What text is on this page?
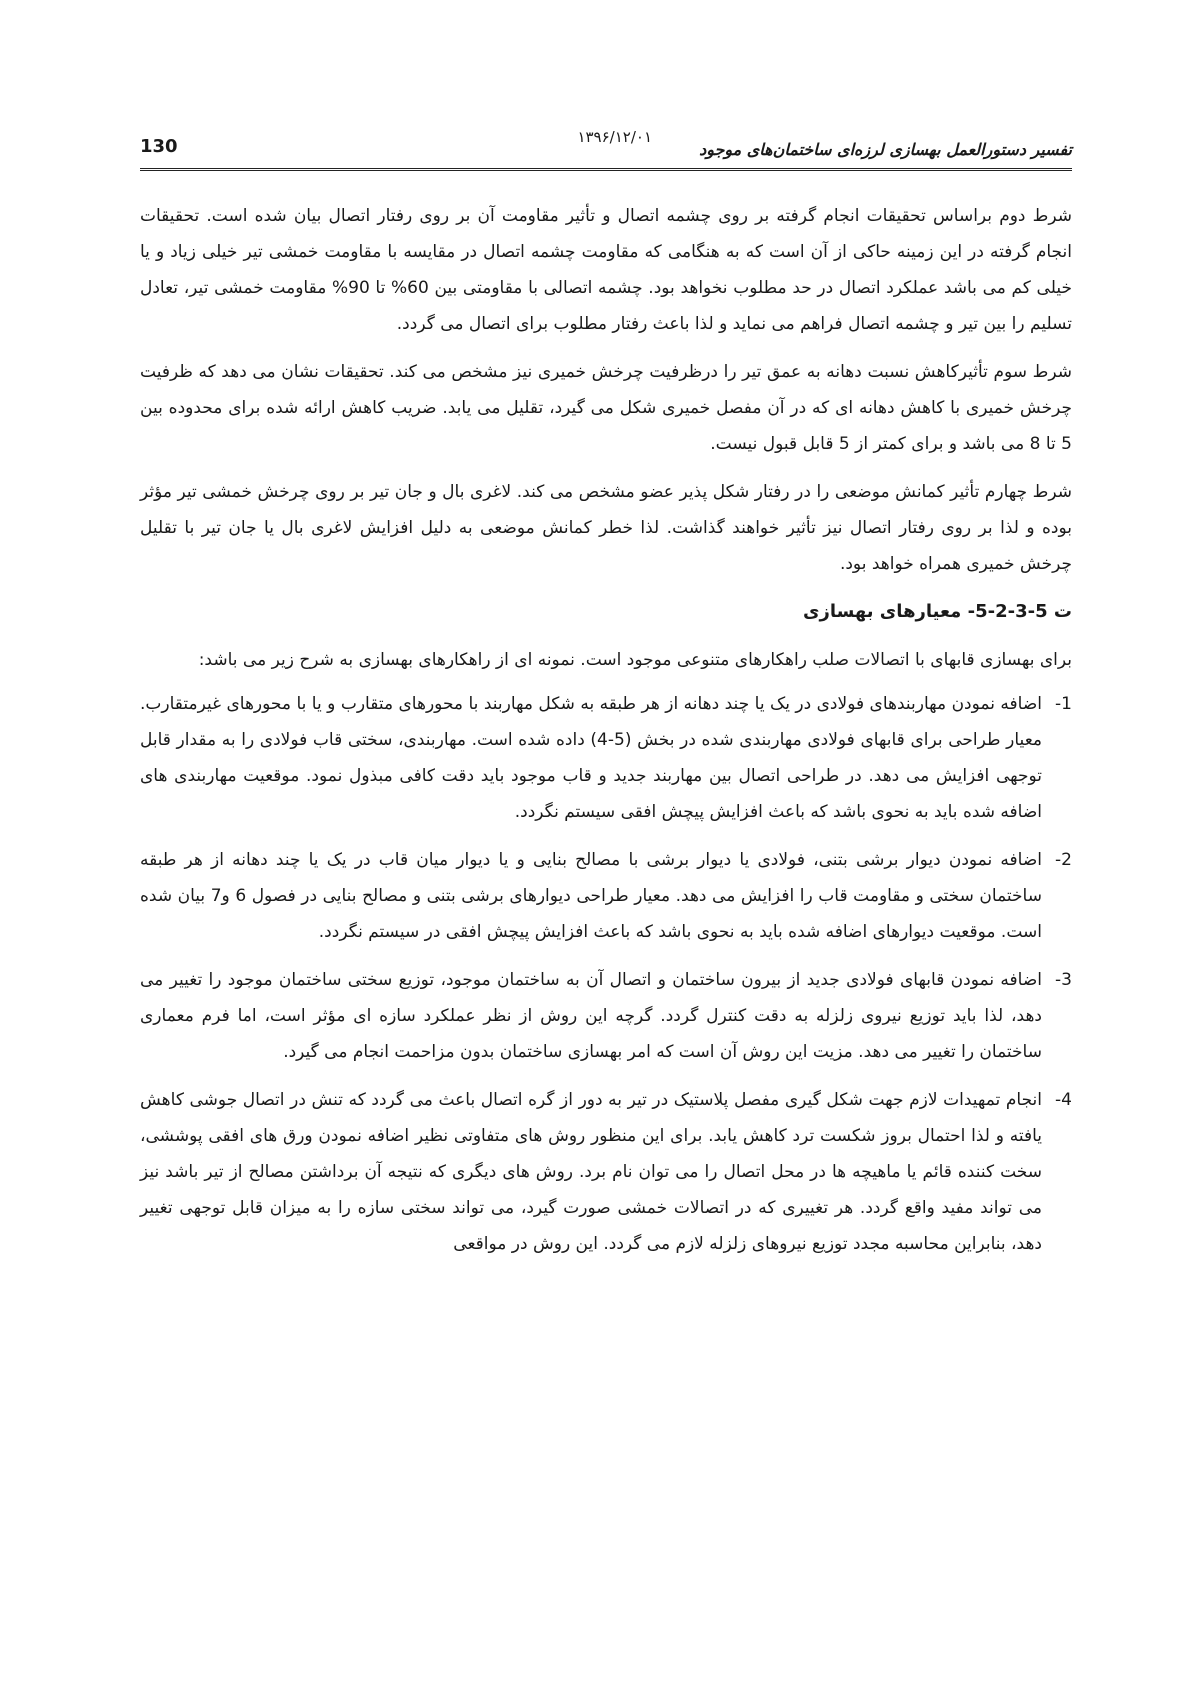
130	۱۳۹۶/۱۲/۰۱
تفسیر دستورالعمل بهسازی لرزه‌ای ساختمان‌های موجود

شرط دوم براساس تحقیقات انجام گرفته بر روی چشمه اتصال و تأثیر مقاومت آن بر روی رفتار اتصال بیان شده است. تحقیقات انجام گرفته در این زمینه حاکی از آن است که به هنگامی که مقاومت چشمه اتصال در مقایسه با مقاومت خمشی تیر خیلی زیاد و یا خیلی کم می باشد عملکرد اتصال در حد مطلوب نخواهد بود. چشمه اتصالی با مقاومتی بین 60% تا 90% مقاومت خمشی تیر، تعادل تسلیم را بین تیر و چشمه اتصال فراهم می نماید و لذا باعث رفتار مطلوب برای اتصال می گردد.

شرط سوم تأثیرکاهش نسبت دهانه به عمق تیر را درظرفیت چرخش خمیری نیز مشخص می کند. تحقیقات نشان می دهد که ظرفیت چرخش خمیری با کاهش دهانه ای که در آن مفصل خمیری شکل می گیرد، تقلیل می یابد. ضریب کاهش ارائه شده برای محدوده بین 5 تا 8 می باشد و برای کمتر از 5 قابل قبول نیست.

شرط چهارم تأثیر کمانش موضعی را در رفتار شکل پذیر عضو مشخص می کند. لاغری بال و جان تیر بر روی چرخش خمشی تیر مؤثر بوده و لذا بر روی رفتار اتصال نیز تأثیر خواهند گذاشت. لذا خطر کمانش موضعی به دلیل افزایش لاغری بال یا جان تیر با تقلیل چرخش خمیری همراه خواهد بود.

ت 5-3-2-5- معیارهای بهسازی

برای بهسازی قابهای با اتصالات صلب راهکارهای متنوعی موجود است. نمونه ای از راهکارهای بهسازی به شرح زیر می باشد:

1-
اضافه نمودن مهاربندهای فولادی در یک یا چند دهانه از هر طبقه به شکل مهاربند با محورهای متقارب و یا با محورهای غیرمتقارب. معیار طراحی برای قابهای فولادی مهاربندی شده در بخش (5-4) داده شده است. مهاربندی، سختی قاب فولادی را به مقدار قابل توجهی افزایش می دهد. در طراحی اتصال بین مهاربند جدید و قاب موجود باید دقت کافی مبذول نمود. موقعیت مهاربندی های اضافه شده باید به نحوی باشد که باعث افزایش پیچش افقی سیستم نگردد.
2-
اضافه نمودن دیوار برشی بتنی، فولادی یا دیوار برشی با مصالح بنایی و یا دیوار میان قاب در یک یا چند دهانه از هر طبقه ساختمان سختی و مقاومت قاب را افزایش می دهد. معیار طراحی دیوارهای برشی بتنی و مصالح بنایی در فصول 6 و7 بیان شده است. موقعیت دیوارهای اضافه شده باید به نحوی باشد که باعث افزایش پیچش افقی در سیستم نگردد.
3-
اضافه نمودن قابهای فولادی جدید از بیرون ساختمان و اتصال آن به ساختمان موجود، توزیع سختی ساختمان موجود را تغییر می دهد، لذا باید توزیع نیروی زلزله به دقت کنترل گردد. گرچه این روش از نظر عملکرد سازه ای مؤثر است، اما فرم معماری ساختمان را تغییر می دهد. مزیت این روش آن است که امر بهسازی ساختمان بدون مزاحمت انجام می گیرد.
4-
انجام تمهیدات لازم جهت شکل گیری مفصل پلاستیک در تیر به دور از گره اتصال باعث می گردد که تنش در اتصال جوشی کاهش یافته و لذا احتمال بروز شکست ترد کاهش یابد. برای این منظور روش های متفاوتی نظیر اضافه نمودن ورق های افقی پوششی، سخت کننده قائم یا ماهیچه ها در محل اتصال را می توان نام برد. روش های دیگری که نتیجه آن برداشتن مصالح از تیر باشد نیز می تواند مفید واقع گردد. هر تغییری که در اتصالات خمشی صورت گیرد، می تواند سختی سازه را به میزان قابل توجهی تغییر دهد، بنابراین محاسبه مجدد توزیع نیروهای زلزله لازم می گردد. این روش در مواقعی
